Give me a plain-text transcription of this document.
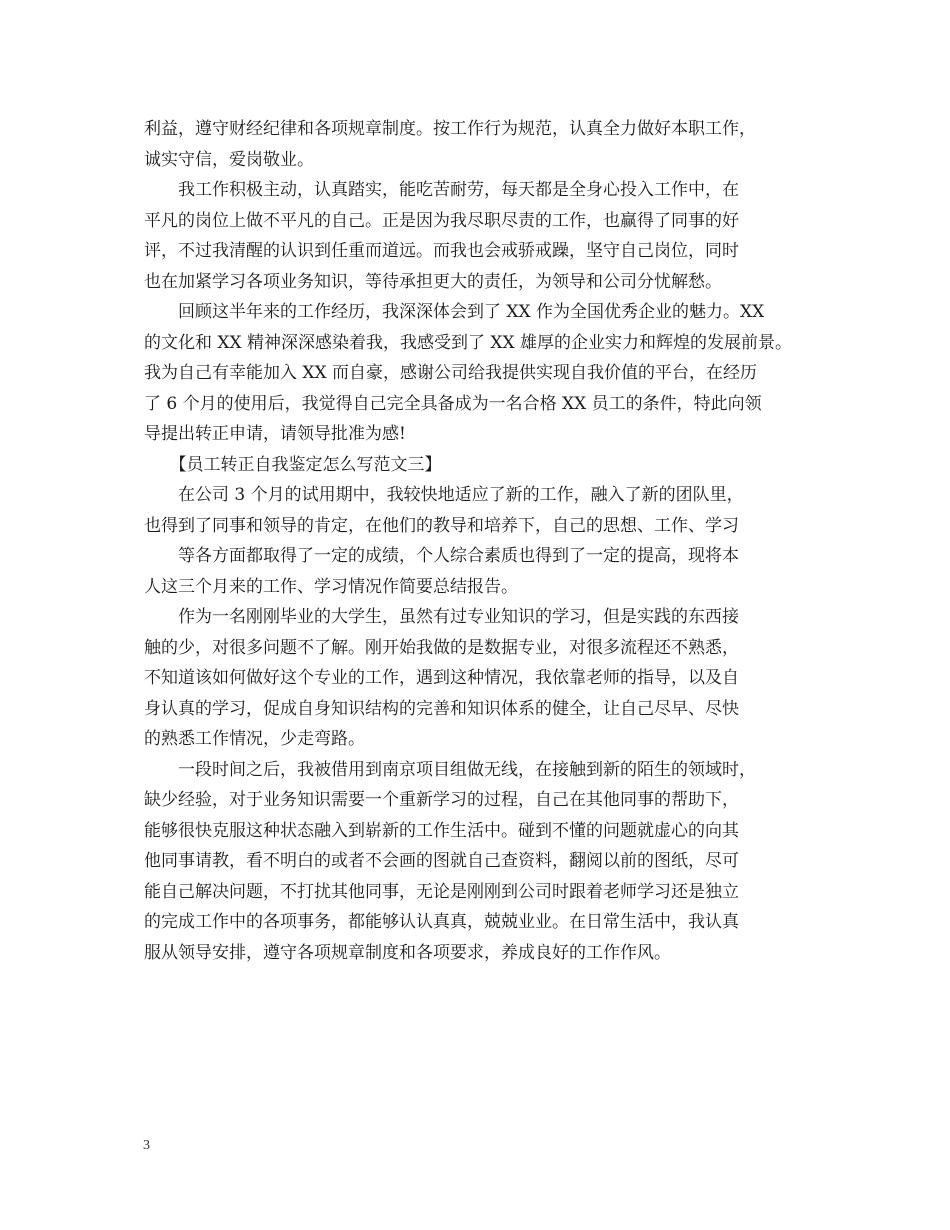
利益，遵守财经纪律和各项规章制度。按工作行为规范，认真全力做好本职工作，
诚实守信，爱岗敬业。

　　我工作积极主动，认真踏实，能吃苦耐劳，每天都是全身心投入工作中，在
平凡的岗位上做不平凡的自己。正是因为我尽职尽责的工作，也赢得了同事的好
评，不过我清醒的认识到任重而道远。而我也会戒骄戒躁，坚守自己岗位，同时
也在加紧学习各项业务知识，等待承担更大的责任，为领导和公司分忧解愁。

　　回顾这半年来的工作经历，我深深体会到了 XX 作为全国优秀企业的魅力。XX
的文化和 XX 精神深深感染着我，我感受到了 XX 雄厚的企业实力和辉煌的发展前景。
我为自己有幸能加入 XX 而自豪，感谢公司给我提供实现自我价值的平台，在经历
了 6 个月的使用后，我觉得自己完全具备成为一名合格 XX 员工的条件，特此向领
导提出转正申请，请领导批准为感!

　　【员工转正自我鉴定怎么写范文三】

　　在公司 3 个月的试用期中，我较快地适应了新的工作，融入了新的团队里，
也得到了同事和领导的肯定，在他们的教导和培养下，自己的思想、工作、学习

　　等各方面都取得了一定的成绩，个人综合素质也得到了一定的提高，现将本
人这三个月来的工作、学习情况作简要总结报告。

　　作为一名刚刚毕业的大学生，虽然有过专业知识的学习，但是实践的东西接
触的少，对很多问题不了解。刚开始我做的是数据专业，对很多流程还不熟悉，
不知道该如何做好这个专业的工作，遇到这种情况，我依靠老师的指导，以及自
身认真的学习，促成自身知识结构的完善和知识体系的健全，让自己尽早、尽快
的熟悉工作情况，少走弯路。

　　一段时间之后，我被借用到南京项目组做无线，在接触到新的陌生的领域时，
缺少经验，对于业务知识需要一个重新学习的过程，自己在其他同事的帮助下，
能够很快克服这种状态融入到崭新的工作生活中。碰到不懂的问题就虚心的向其
他同事请教，看不明白的或者不会画的图就自己查资料，翻阅以前的图纸，尽可
能自己解决问题，不打扰其他同事，无论是刚刚到公司时跟着老师学习还是独立
的完成工作中的各项事务，都能够认认真真，兢兢业业。在日常生活中，我认真
服从领导安排，遵守各项规章制度和各项要求，养成良好的工作作风。

3
